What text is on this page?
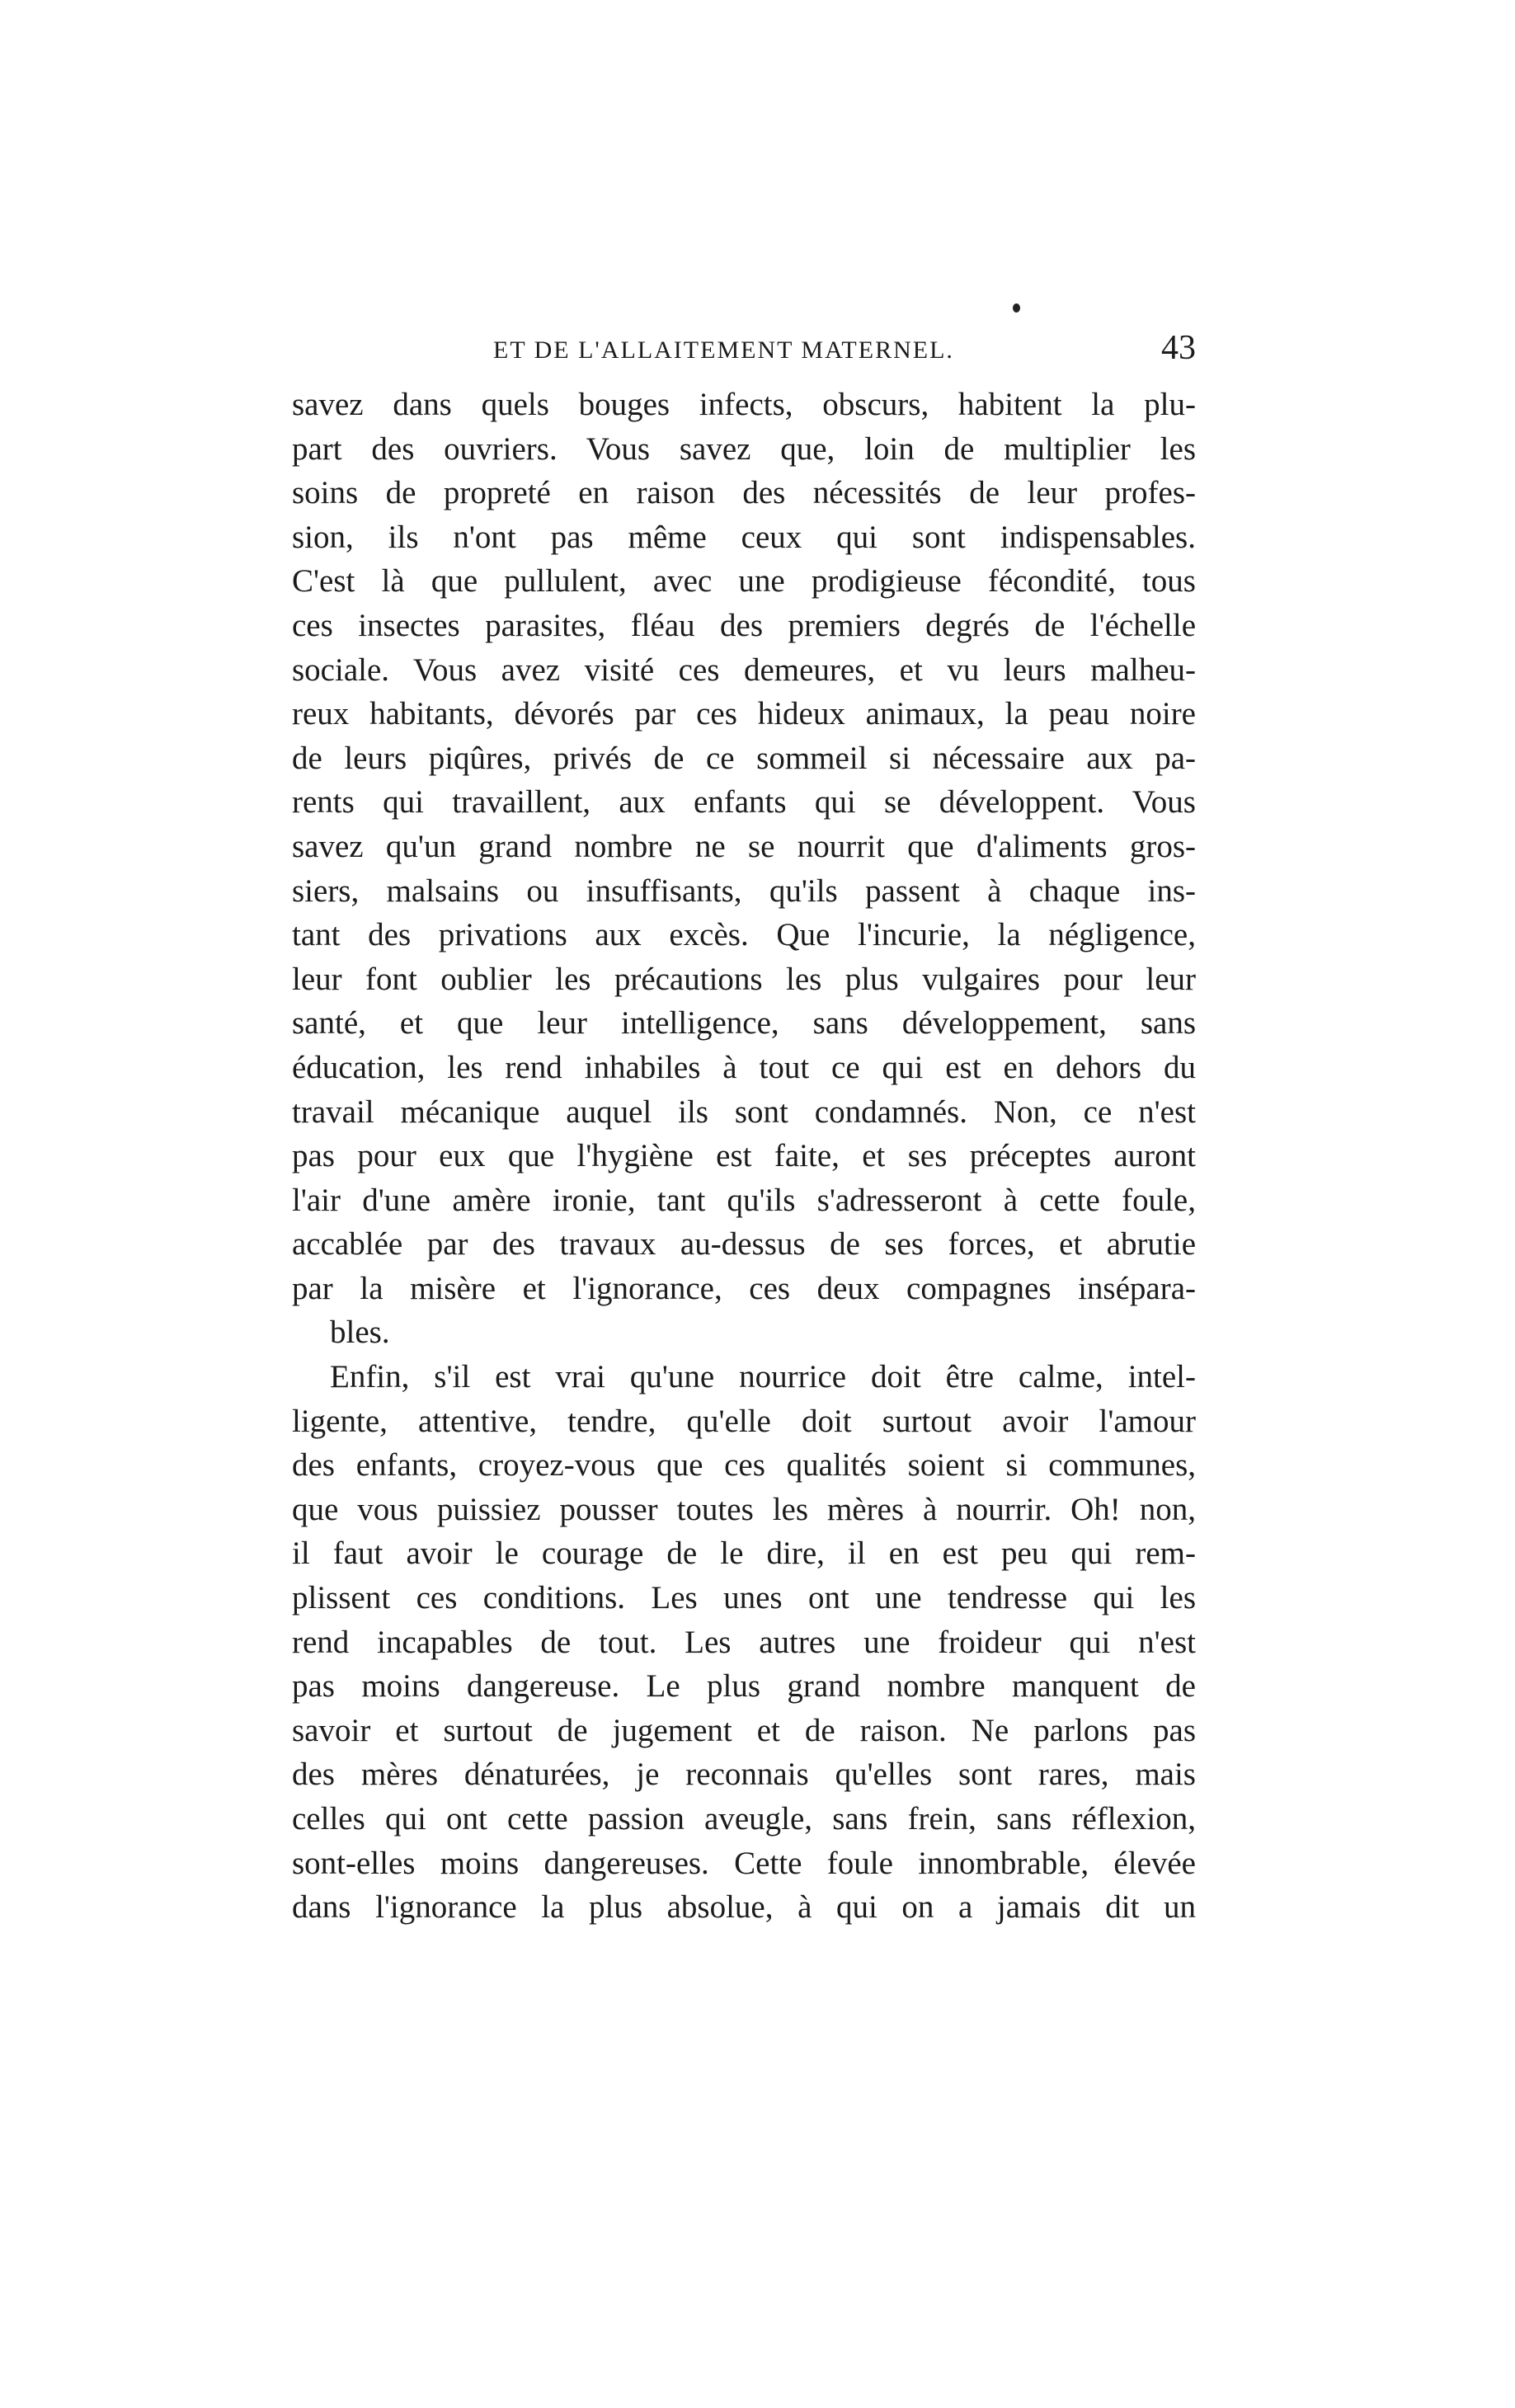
ET DE L'ALLAITEMENT MATERNEL.	43
savez dans quels bouges infects, obscurs, habitent la plu-
part des ouvriers. Vous savez que, loin de multiplier les
soins de propreté en raison des nécessités de leur profes-
sion, ils n'ont pas même ceux qui sont indispensables.
C'est là que pullulent, avec une prodigieuse fécondité, tous
ces insectes parasites, fléau des premiers degrés de l'échelle
sociale. Vous avez visité ces demeures, et vu leurs malheu-
reux habitants, dévorés par ces hideux animaux, la peau noire
de leurs piqûres, privés de ce sommeil si nécessaire aux pa-
rents qui travaillent, aux enfants qui se développent. Vous
savez qu'un grand nombre ne se nourrit que d'aliments gros-
siers, malsains ou insuffisants, qu'ils passent à chaque ins-
tant des privations aux excès. Que l'incurie, la négligence,
leur font oublier les précautions les plus vulgaires pour leur
santé, et que leur intelligence, sans développement, sans
éducation, les rend inhabiles à tout ce qui est en dehors du
travail mécanique auquel ils sont condamnés. Non, ce n'est
pas pour eux que l'hygiène est faite, et ses préceptes auront
l'air d'une amère ironie, tant qu'ils s'adresseront à cette foule,
accablée par des travaux au-dessus de ses forces, et abrutie
par la misère et l'ignorance, ces deux compagnes insépara-
bles.
Enfin, s'il est vrai qu'une nourrice doit être calme, intel-
ligente, attentive, tendre, qu'elle doit surtout avoir l'amour
des enfants, croyez-vous que ces qualités soient si communes,
que vous puissiez pousser toutes les mères à nourrir. Oh! non,
il faut avoir le courage de le dire, il en est peu qui rem-
plissent ces conditions. Les unes ont une tendresse qui les
rend incapables de tout. Les autres une froideur qui n'est
pas moins dangereuse. Le plus grand nombre manquent de
savoir et surtout de jugement et de raison. Ne parlons pas
des mères dénaturées, je reconnais qu'elles sont rares, mais
celles qui ont cette passion aveugle, sans frein, sans réflexion,
sont-elles moins dangereuses. Cette foule innombrable, élevée
dans l'ignorance la plus absolue, à qui on a jamais dit un
